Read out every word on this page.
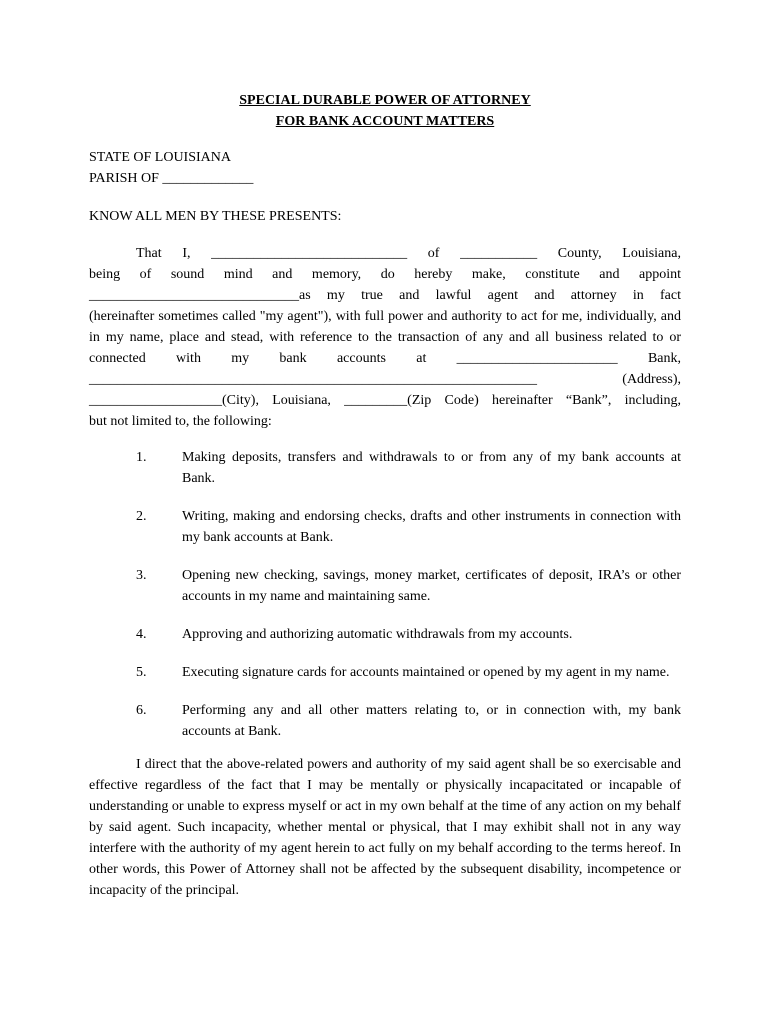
SPECIAL DURABLE POWER OF ATTORNEY
FOR BANK ACCOUNT MATTERS
STATE OF LOUISIANA
PARISH OF _____________
KNOW ALL MEN BY THESE PRESENTS:
That I, ____________________________ of ___________ County, Louisiana,
being of sound mind and memory, do hereby make, constitute and appoint
______________________________as my true and lawful agent and attorney in fact
(hereinafter sometimes called "my agent"), with full power and authority to act for me, individually, and
in my name, place and stead, with reference to the transaction of any and all business related to or
connected with my bank accounts at _______________________ Bank,
________________________________________________________________ (Address),
___________________(City), Louisiana, _________(Zip Code) hereinafter “Bank”, including,
but not limited to, the following:
1.	Making deposits, transfers and withdrawals to or from any of my bank accounts at
Bank.
2.	Writing, making and endorsing checks, drafts and other instruments in connection with
my bank accounts at Bank.
3.	Opening new checking, savings, money market, certificates of deposit, IRA’s or other
accounts in my name and maintaining same.
4.	Approving and authorizing automatic withdrawals from my accounts.
5.	Executing signature cards for accounts maintained or opened by my agent in my name.
6.	Performing any and all other matters relating to, or in connection with, my bank
accounts at Bank.
I direct that the above-related powers and authority of my said agent shall be so exercisable and
effective regardless of the fact that I may be mentally or physically incapacitated or incapable of
understanding or unable to express myself or act in my own behalf at the time of any action on my behalf
by said agent. Such incapacity, whether mental or physical, that I may exhibit shall not in any way
interfere with the authority of my agent herein to act fully on my behalf according to the terms hereof. In
other words, this Power of Attorney shall not be affected by the subsequent disability, incompetence or
incapacity of the principal.
